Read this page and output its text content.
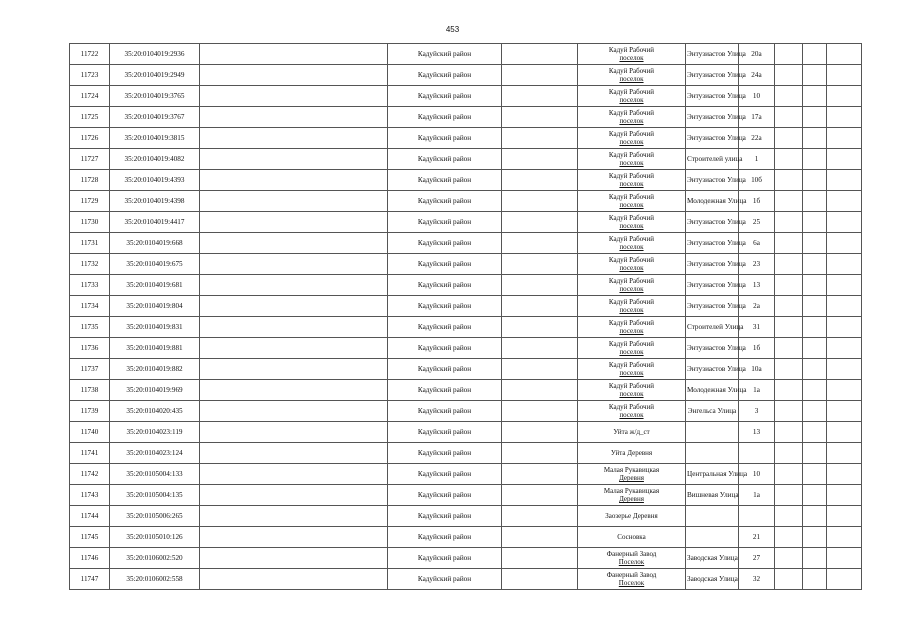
453
11722	35:20:0104019:2936		Кадуйский район		Кадуй Рабочий
поселок	Энтузиастов Улица	20а			
11723	35:20:0104019:2949		Кадуйский район		Кадуй Рабочий
поселок	Энтузиастов Улица	24а			
11724	35:20:0104019:3765		Кадуйский район		Кадуй Рабочий
поселок	Энтузиастов Улица	10			
11725	35:20:0104019:3767		Кадуйский район		Кадуй Рабочий
поселок	Энтузиастов Улица	17а			
11726	35:20:0104019:3815		Кадуйский район		Кадуй Рабочий
поселок	Энтузиастов Улица	22а			
11727	35:20:0104019:4082		Кадуйский район		Кадуй Рабочий
поселок	Строителей улица	1			
11728	35:20:0104019:4393		Кадуйский район		Кадуй Рабочий
поселок	Энтузиастов Улица	10б			
11729	35:20:0104019:4398		Кадуйский район		Кадуй Рабочий
поселок	Молодежная Улица	1б			
11730	35:20:0104019:4417		Кадуйский район		Кадуй Рабочий
поселок	Энтузиастов Улица	25			
11731	35:20:0104019:668		Кадуйский район		Кадуй Рабочий
поселок	Энтузиастов Улица	6а			
11732	35:20:0104019:675		Кадуйский район		Кадуй Рабочий
поселок	Энтузиастов Улица	23			
11733	35:20:0104019:681		Кадуйский район		Кадуй Рабочий
поселок	Энтузиастов Улица	13			
11734	35:20:0104019:804		Кадуйский район		Кадуй Рабочий
поселок	Энтузиастов Улица	2а			
11735	35:20:0104019:831		Кадуйский район		Кадуй Рабочий
поселок	Строителей Улица	31			
11736	35:20:0104019:881		Кадуйский район		Кадуй Рабочий
поселок	Энтузиастов Улица	1б			
11737	35:20:0104019:882		Кадуйский район		Кадуй Рабочий
поселок	Энтузиастов Улица	10а			
11738	35:20:0104019:969		Кадуйский район		Кадуй Рабочий
поселок	Молодежная Улица	1а			
11739	35:20:0104020:435		Кадуйский район		Кадуй Рабочий
поселок	Энгельса Улица	3			
11740	35:20:0104023:119		Кадуйский район		Уйта ж/д_ст		13			
11741	35:20:0104023:124		Кадуйский район		Уйта Деревня					

11742	35:20:0105004:133		Кадуйский район		Малая Рукавицкая
Деревня	Центральная Улица	10			
11743	35:20:0105004:135		Кадуйский район		Малая Рукавицкая
Деревня	Вишневая Улица	1а			
11744	35:20:0105006:265		Кадуйский район		Заозерье Деревня					

11745	35:20:0105010:126		Кадуйский район		Сосновка		21			
11746	35:20:0106002:520		Кадуйский район		Фанерный Завод
Поселок	Заводская Улица	27			
11747	35:20:0106002:558		Кадуйский район		Фанерный Завод
Поселок	Заводская Улица	32			
